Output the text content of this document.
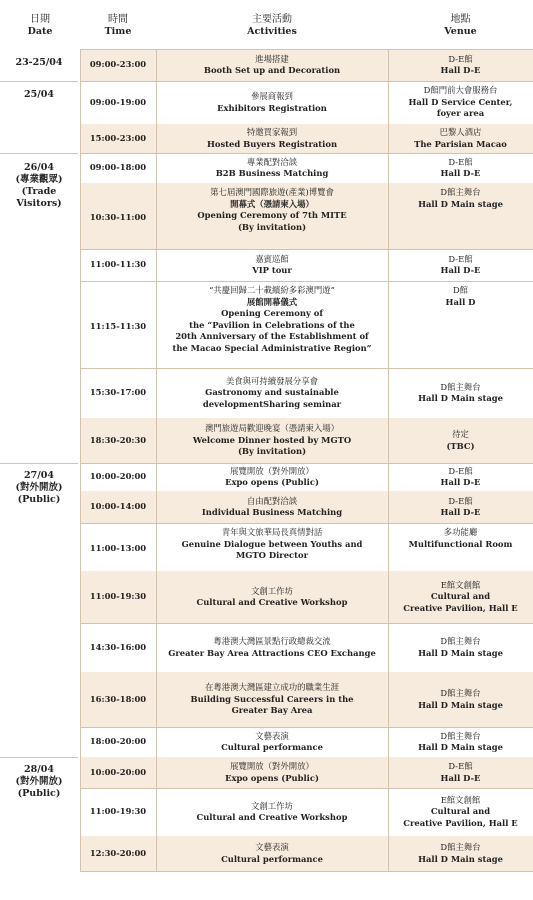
日期
Date
時間
Time
主要活動
Activities
地點
Venue
09:00-23:00
進場搭建
Booth Set up and Decoration
D-E館
Hall D-E
09:00-19:00
參展商報到
Exhibitors Registration
D館門前大會服務台
Hall D Service Center,
foyer area
15:00-23:00
特邀買家報到
Hosted Buyers Registration
巴黎人酒店
The Parisian Macao
09:00-18:00
專業配對洽談
B2B Business Matching
D-E館
Hall D-E
10:30-11:00
第七屆澳門國際旅遊(產業)博覽會
開幕式（憑請柬入場）
Opening Ceremony of 7th MITE
(By invitation)
D館主舞台
Hall D Main stage
11:00-11:30
嘉賓巡館
VIP tour
D-E館
Hall D-E
11:15-11:30
“共慶回歸二十載繽紛多彩澳門遊”
展館開幕儀式
Opening Ceremony of
the “Pavilion in Celebrations of the
20th Anniversary of the Establishment of
the Macao Special Administrative Region”
D館
Hall D
15:30-17:00
美食與可持續發展分享會
Gastronomy and sustainable
developmentSharing seminar
D館主舞台
Hall D Main stage
18:30-20:30
澳門旅遊局歡迎晚宴（憑請柬入場）
Welcome Dinner hosted by MGTO
(By invitation)
待定
(TBC)
10:00-20:00
展覽開放（對外開放）
Expo opens (Public)
D-E館
Hall D-E
10:00-14:00
自由配對洽談
Individual Business Matching
D-E館
Hall D-E
11:00-13:00
青年與文旅華局長真情對話
Genuine Dialogue between Youths and
MGTO Director
多功能廳
Multifunctional Room
11:00-19:30
文創工作坊
Cultural and Creative Workshop
E館文創館
Cultural and
Creative Pavilion, Hall E
14:30-16:00
粵港澳大灣區景點行政總裁交流
Greater Bay Area Attractions CEO Exchange
D館主舞台
Hall D Main stage
16:30-18:00
在粵港澳大灣區建立成功的職業生涯
Building Successful Careers in the
Greater Bay Area
D館主舞台
Hall D Main stage
18:00-20:00
文藝表演
Cultural performance
D館主舞台
Hall D Main stage
10:00-20:00
展覽開放（對外開放）
Expo opens (Public)
D-E館
Hall D-E
11:00-19:30
文創工作坊
Cultural and Creative Workshop
E館文創館
Cultural and
Creative Pavilion, Hall E
12:30-20:00
文藝表演
Cultural performance
D館主舞台
Hall D Main stage
23-25/04
25/04
26/04
(專業觀眾)
(Trade Visitors)
27/04
(對外開放)
(Public)
28/04
(對外開放)
(Public)
